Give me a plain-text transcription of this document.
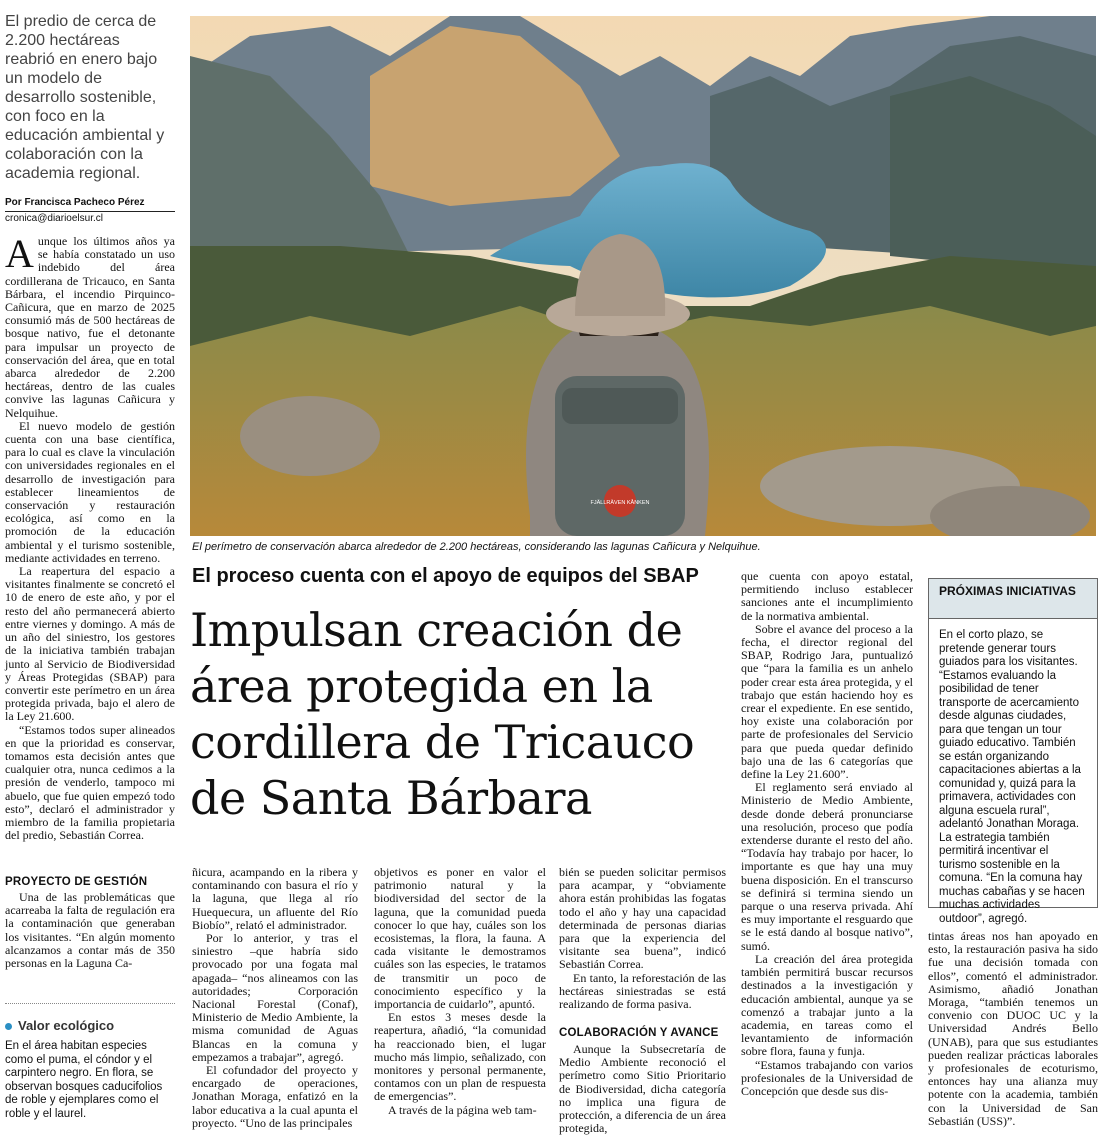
El predio de cerca de 2.200 hectáreas reabrió en enero bajo un modelo de desarrollo sostenible, con foco en la educación ambiental y colaboración con la academia regional.
Por Francisca Pacheco Pérez
cronica@diarioelsur.cl

Aunque los últimos años ya se había constatado un uso indebido del área cordillerana de Tricauco, en Santa Bárbara, el incendio Pirquinco-Cañicura, que en marzo de 2025 consumió más de 500 hectáreas de bosque nativo, fue el detonante para impulsar un proyecto de conservación del área, que en total abarca alrededor de 2.200 hectáreas, dentro de las cuales convive las lagunas Cañicura y Nelquihue.

El nuevo modelo de gestión cuenta con una base científica, para lo cual es clave la vinculación con universidades regionales en el desarrollo de investigación para establecer lineamientos de conservación y restauración ecológica, así como en la promoción de la educación ambiental y el turismo sostenible, mediante actividades en terreno.

La reapertura del espacio a visitantes finalmente se concretó el 10 de enero de este año, y por el resto del año permanecerá abierto entre viernes y domingo. A más de un año del siniestro, los gestores de la iniciativa también trabajan junto al Servicio de Biodiversidad y Áreas Protegidas (SBAP) para convertir este perímetro en un área protegida privada, bajo el alero de la Ley 21.600.

“Estamos todos super alineados en que la prioridad es conservar, tomamos esta decisión antes que cualquier otra, nunca cedimos a la presión de venderlo, tampoco mi abuelo, que fue quien empezó todo esto”, declaró el administrador y miembro de la familia propietaria del predio, Sebastián Correa.

PROYECTO DE GESTIÓN

Una de las problemáticas que acarreaba la falta de regulación era la contaminación que generaban los visitantes. “En algún momento alcanzamos a contar más de 350 personas en la Laguna Ca-

Valor ecológico
En el área habitan especies como el puma, el cóndor y el carpintero negro. En flora, se observan bosques caducifolios de roble y ejemplares como el roble y el laurel.
FJÄLLRÄVEN KÅNKEN
El perímetro de conservación abarca alrededor de 2.200 hectáreas, considerando las lagunas Cañicura y Nelquihue.
El proceso cuenta con el apoyo de equipos del SBAP
Impulsan creación de área protegida en la cordillera de Tricauco de Santa Bárbara

ñicura, acampando en la ribera y contaminando con basura el río y la laguna, que llega al río Huequecura, un afluente del Río Biobío”, relató el administrador.

Por lo anterior, y tras el siniestro –que habría sido provocado por una fogata mal apagada– “nos alineamos con las autoridades; Corporación Nacional Forestal (Conaf), Ministerio de Medio Ambiente, la misma comunidad de Aguas Blancas en la comuna y empezamos a trabajar”, agregó.

El cofundador del proyecto y encargado de operaciones, Jonathan Moraga, enfatizó en la labor educativa a la cual apunta el proyecto. “Uno de las principales

objetivos es poner en valor el patrimonio natural y la biodiversidad del sector de la laguna, que la comunidad pueda conocer lo que hay, cuáles son los ecosistemas, la flora, la fauna. A cada visitante le demostramos cuáles son las especies, le tratamos de transmitir un poco de conocimiento específico y la importancia de cuidarlo”, apuntó.

En estos 3 meses desde la reapertura, añadió, “la comunidad ha reaccionado bien, el lugar mucho más limpio, señalizado, con monitores y personal permanente, contamos con un plan de respuesta de emergencias”.

A través de la página web tam-

bién se pueden solicitar permisos para acampar, y “obviamente ahora están prohibidas las fogatas todo el año y hay una capacidad determinada de personas diarias para que la experiencia del visitante sea buena”, indicó Sebastián Correa.

En tanto, la reforestación de las hectáreas siniestradas se está realizando de forma pasiva.

COLABORACIÓN Y AVANCE

Aunque la Subsecretaría de Medio Ambiente reconoció el perímetro como Sitio Prioritario de Biodiversidad, dicha categoría no implica una figura de protección, a diferencia de un área protegida,

que cuenta con apoyo estatal, permitiendo incluso establecer sanciones ante el incumplimiento de la normativa ambiental.

Sobre el avance del proceso a la fecha, el director regional del SBAP, Rodrigo Jara, puntualizó que “para la familia es un anhelo poder crear esta área protegida, y el trabajo que están haciendo hoy es crear el expediente. En ese sentido, hoy existe una colaboración por parte de profesionales del Servicio para que pueda quedar definido bajo una de las 6 categorías que define la Ley 21.600”.

El reglamento será enviado al Ministerio de Medio Ambiente, desde donde deberá pronunciarse una resolución, proceso que podía extenderse durante el resto del año. “Todavía hay trabajo por hacer, lo importante es que hay una muy buena disposición. En el transcurso se definirá si termina siendo un parque o una reserva privada. Ahí es muy importante el resguardo que se le está dando al bosque nativo”, sumó.

La creación del área protegida también permitirá buscar recursos destinados a la investigación y educación ambiental, aunque ya se comenzó a trabajar junto a la academia, en tareas como el levantamiento de información sobre flora, fauna y funja.

“Estamos trabajando con varios profesionales de la Universidad de Concepción que desde sus dis-

PRÓXIMAS INICIATIVAS

En el corto plazo, se pretende generar tours guiados para los visitantes. “Estamos evaluando la posibilidad de tener transporte de acercamiento desde algunas ciudades, para que tengan un tour guiado educativo. También se están organizando capacitaciones abiertas a la comunidad y, quizá para la primavera, actividades con alguna escuela rural”, adelantó Jonathan Moraga.

La estrategia también permitirá incentivar el turismo sostenible en la comuna. “En la comuna hay muchas cabañas y se hacen muchas actividades outdoor”, agregó.

tintas áreas nos han apoyado en esto, la restauración pasiva ha sido fue una decisión tomada con ellos”, comentó el administrador. Asimismo, añadió Jonathan Moraga, “también tenemos un convenio con DUOC UC y la Universidad Andrés Bello (UNAB), para que sus estudiantes pueden realizar prácticas laborales y profesionales de ecoturismo, entonces hay una alianza muy potente con la academia, también con la Universidad de San Sebastián (USS)”.
